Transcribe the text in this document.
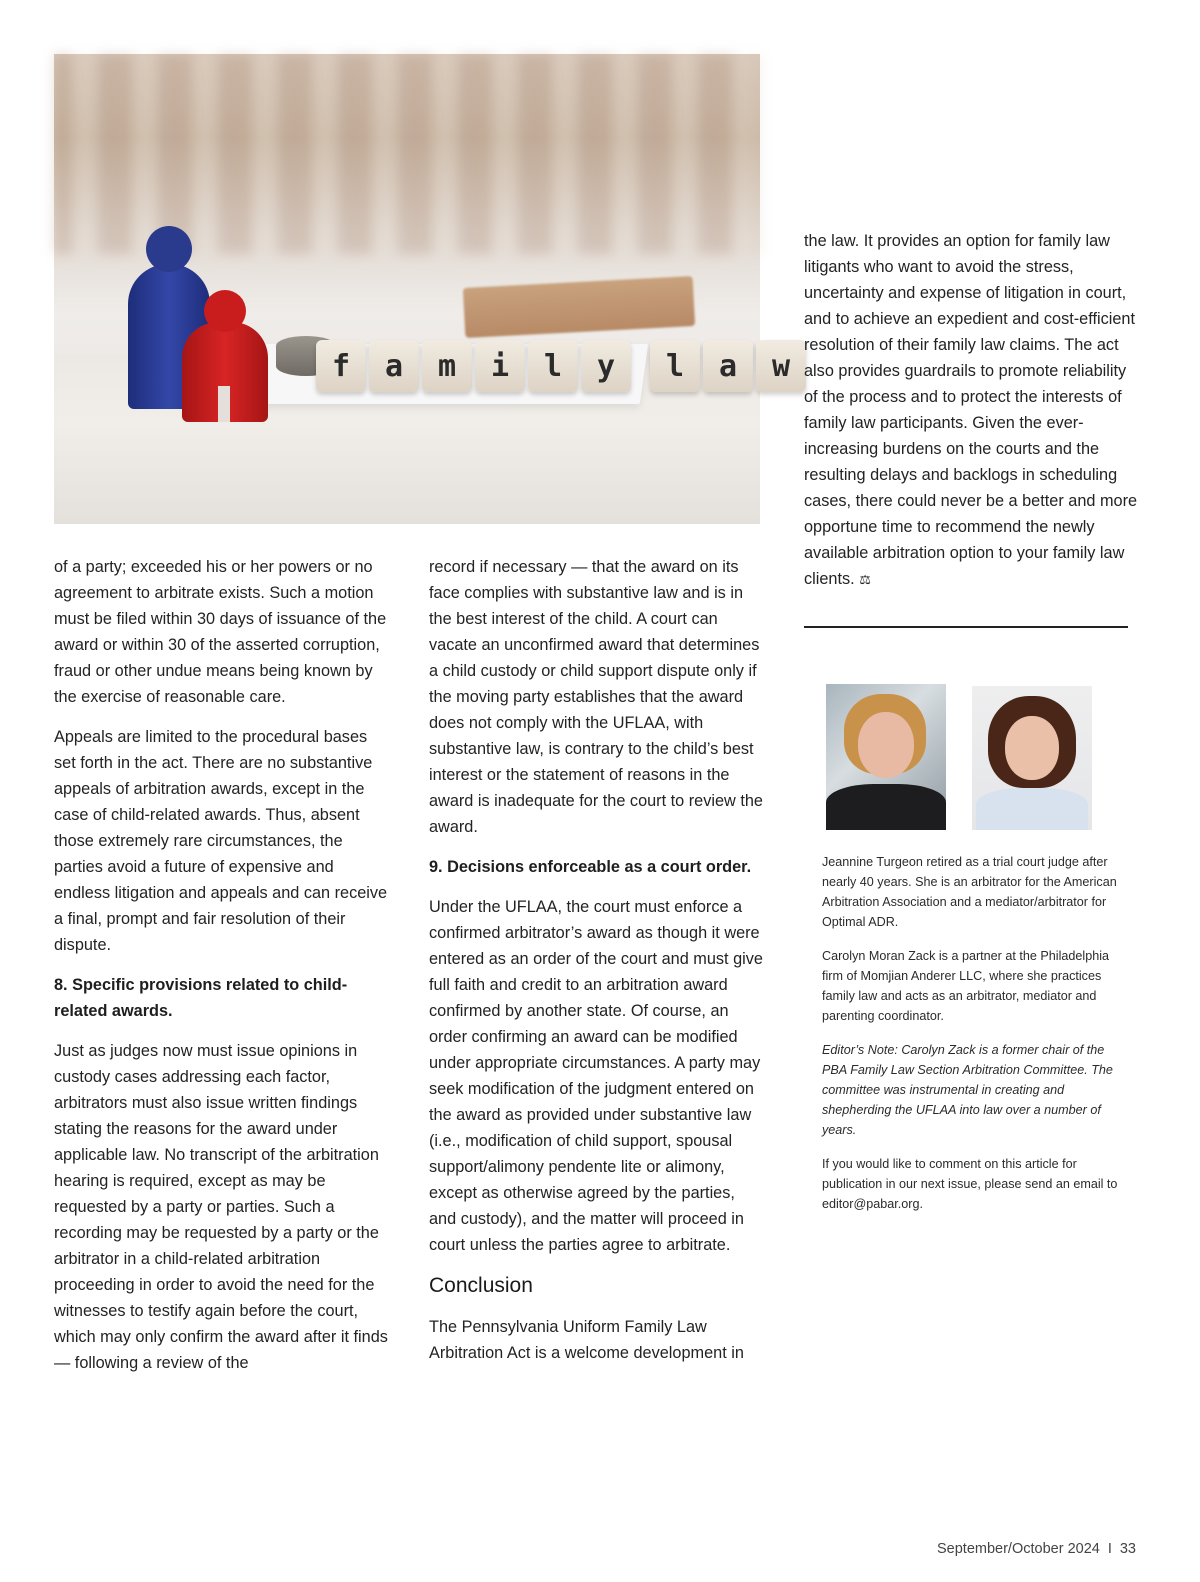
f	a	m	i	l	y	l	a	w

of a party; exceeded his or her powers or no agreement to arbitrate exists. Such a motion must be filed within 30 days of issuance of the award or within 30 of the asserted corruption, fraud or other undue means being known by the exercise of reasonable care.

Appeals are limited to the procedural bases set forth in the act. There are no substantive appeals of arbitration awards, except in the case of child-related awards. Thus, absent those extremely rare circumstances, the parties avoid a future of expensive and endless litigation and appeals and can receive a final, prompt and fair resolution of their dispute.

8. Specific provisions related to child-related awards.

Just as judges now must issue opinions in custody cases addressing each factor, arbitrators must also issue written findings stating the reasons for the award under applicable law. No transcript of the arbitration hearing is required, except as may be requested by a party or parties. Such a recording may be requested by a party or the arbitrator in a child-related arbitration proceeding in order to avoid the need for the witnesses to testify again before the court, which may only confirm the award after it finds — following a review of the

record if necessary — that the award on its face complies with substantive law and is in the best interest of the child. A court can vacate an unconfirmed award that determines a child custody or child support dispute only if the moving party establishes that the award does not comply with the UFLAA, with substantive law, is contrary to the child’s best interest or the statement of reasons in the award is inadequate for the court to review the award.

9. Decisions enforceable as a court order.

Under the UFLAA, the court must enforce a confirmed arbitrator’s award as though it were entered as an order of the court and must give full faith and credit to an arbitration award confirmed by another state. Of course, an order confirming an award can be modified under appropriate circumstances. A party may seek modification of the judgment entered on the award as provided under substantive law (i.e., modification of child support, spousal support/alimony pendente lite or alimony, except as otherwise agreed by the parties, and custody), and the matter will proceed in court unless the parties agree to arbitrate.

Conclusion

The Pennsylvania Uniform Family Law Arbitration Act is a welcome development in

the law. It provides an option for family law litigants who want to avoid the stress, uncertainty and expense of litigation in court, and to achieve an expedient and cost-efficient resolution of their family law claims. The act also provides guardrails to promote reliability of the process and to protect the interests of family law participants. Given the ever-increasing burdens on the courts and the resulting delays and backlogs in scheduling cases, there could never be a better and more opportune time to recommend the newly available arbitration option to your family law clients. ⚖

Jeannine Turgeon retired as a trial court judge after nearly 40 years. She is an arbitrator for the American Arbitration Association and a mediator/arbitrator for Optimal ADR.

Carolyn Moran Zack is a partner at the Philadelphia firm of Momjian Anderer LLC, where she practices family law and acts as an arbitrator, mediator and parenting coordinator.

Editor’s Note: Carolyn Zack is a former chair of the PBA Family Law Section Arbitration Committee. The committee was instrumental in creating and shepherding the UFLAA into law over a number of years.

If you would like to comment on this article for publication in our next issue, please send an email to editor@pabar.org.

September/October 2024 I 33
